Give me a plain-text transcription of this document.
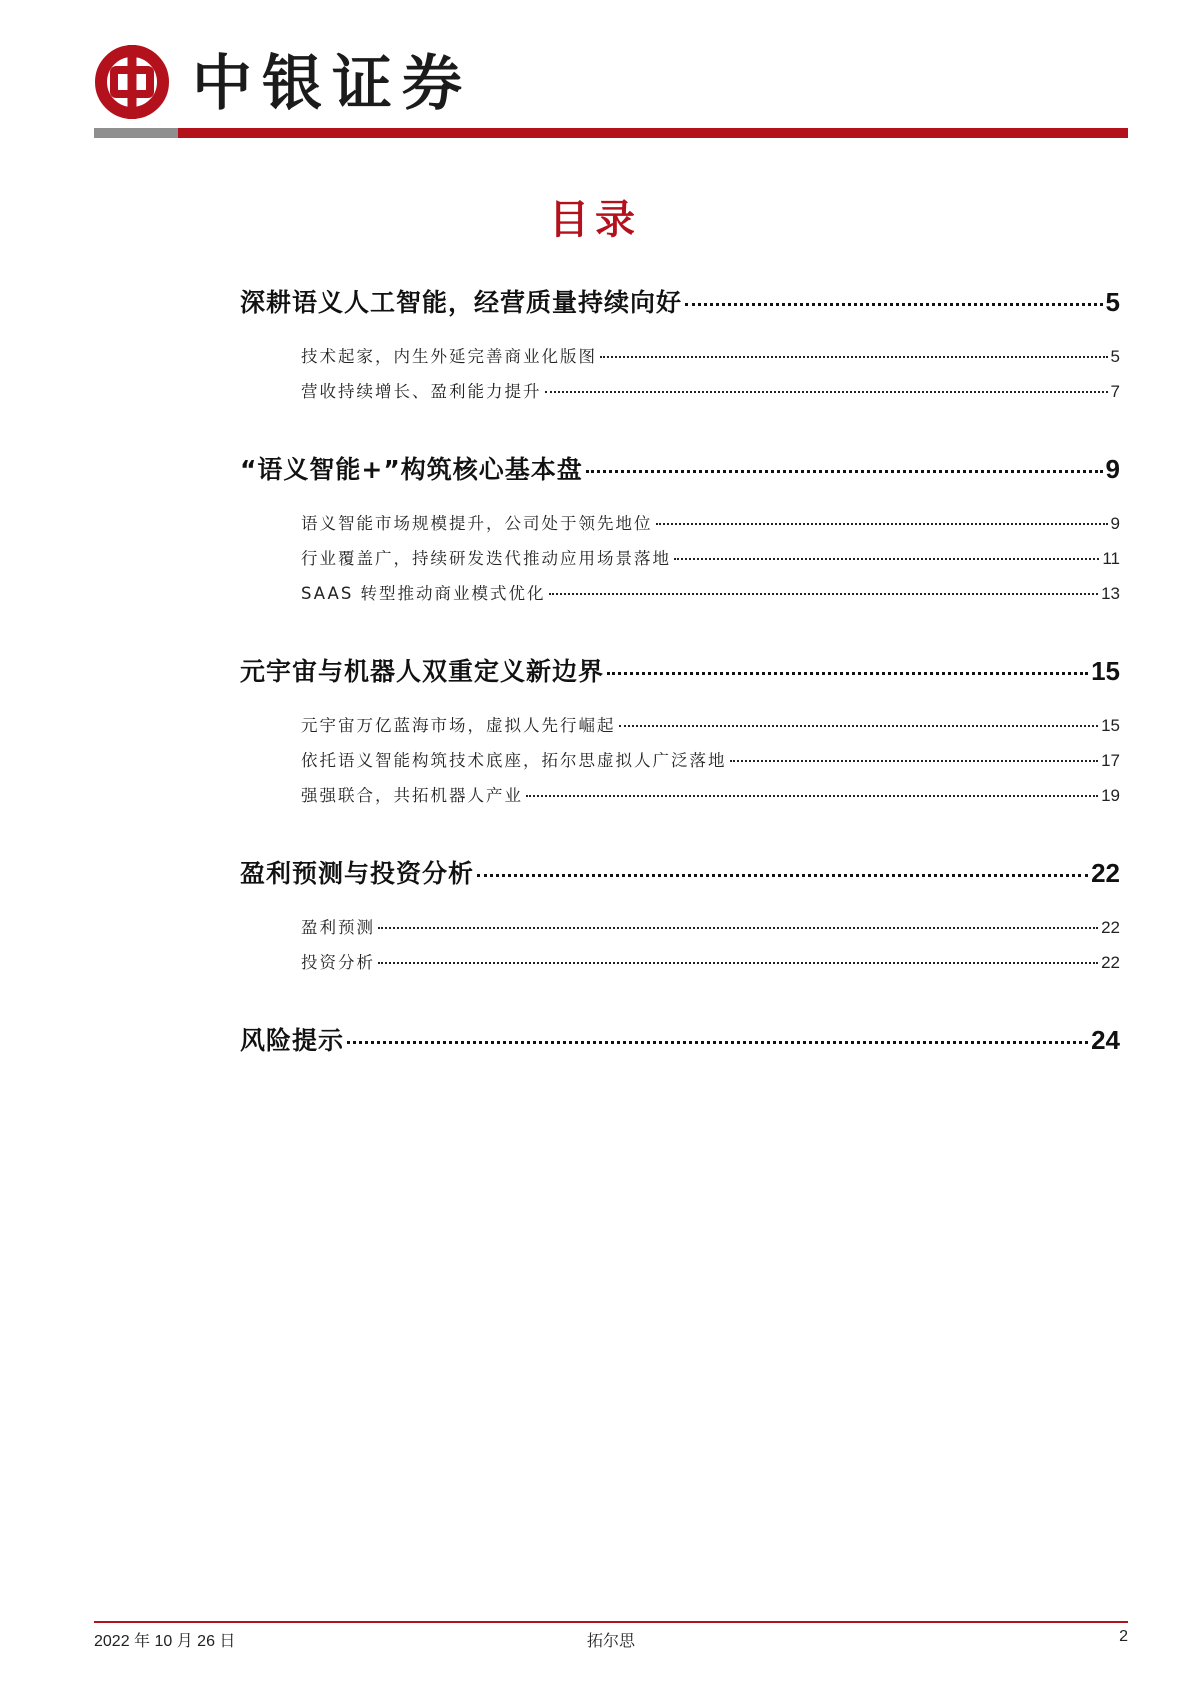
中银证券
目录
深耕语义人工智能，经营质量持续向好	5
技术起家，内生外延完善商业化版图	5
营收持续增长、盈利能力提升	7
“语义智能+”构筑核心基本盘	9
语义智能市场规模提升，公司处于领先地位	9
行业覆盖广，持续研发迭代推动应用场景落地	11
SAAS 转型推动商业模式优化	13
元宇宙与机器人双重定义新边界	15
元宇宙万亿蓝海市场，虚拟人先行崛起	15
依托语义智能构筑技术底座，拓尔思虚拟人广泛落地	17
强强联合，共拓机器人产业	19
盈利预测与投资分析	22
盈利预测	22
投资分析	22
风险提示	24
2022 年 10 月 26 日	拓尔思	2
